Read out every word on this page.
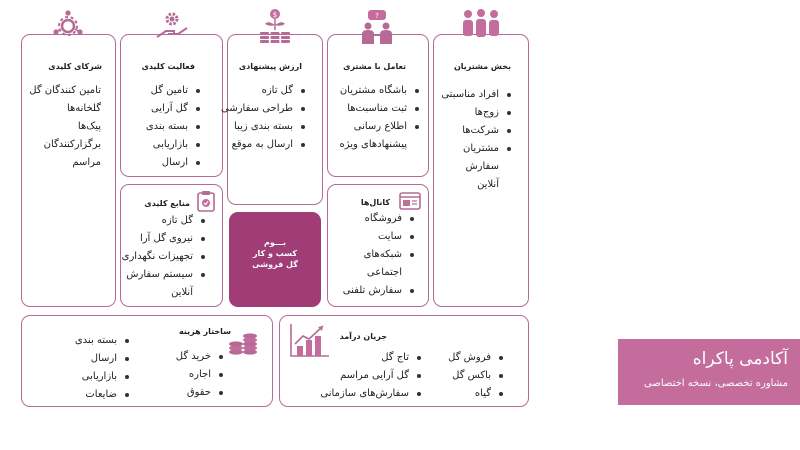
شرکای کلیدی
تامین کنندگان گل
گلخانه‌ها
پیک‌ها
برگزارکنندگان مراسم
فعالیت کلیدی
تامین گل
گل آرایی
بسته بندی
بازاریابی
ارسال
ارزش پیشنهادی
گل تازه
طراحی سفارشی
بسته بندی زیبا
ارسال به موقع
$
تعامل با مشتری
باشگاه مشتریان
ثبت مناسبت‌ها
اطلاع رسانی پیشنهادهای ویژه
?
بخش مشتریان
افراد مناسبتی
زوج‌ها
شرکت‌ها
مشتریان سفارش آنلاین
منابع کلیدی
گل تازه
نیروی گل آرا
تجهیزات نگهداری
سیستم سفارش آنلاین
بـــوم
کسب و کار
گل فروشی
کانال‌ها
فروشگاه
سایت
شبکه‌های اجتماعی
سفارش تلفنی
ساختار هزینه
خرید گل
اجاره
حقوق
بسته بندی
ارسال
بازاریابی
ضایعات
جریان درآمد
فروش گل
باکس گل
گیاه
تاج گل
گل آرایی مراسم
سفارش‌های سازمانی
آکادمی پاکراه
مشاوره تخصصی، نسخه اختصاصی
